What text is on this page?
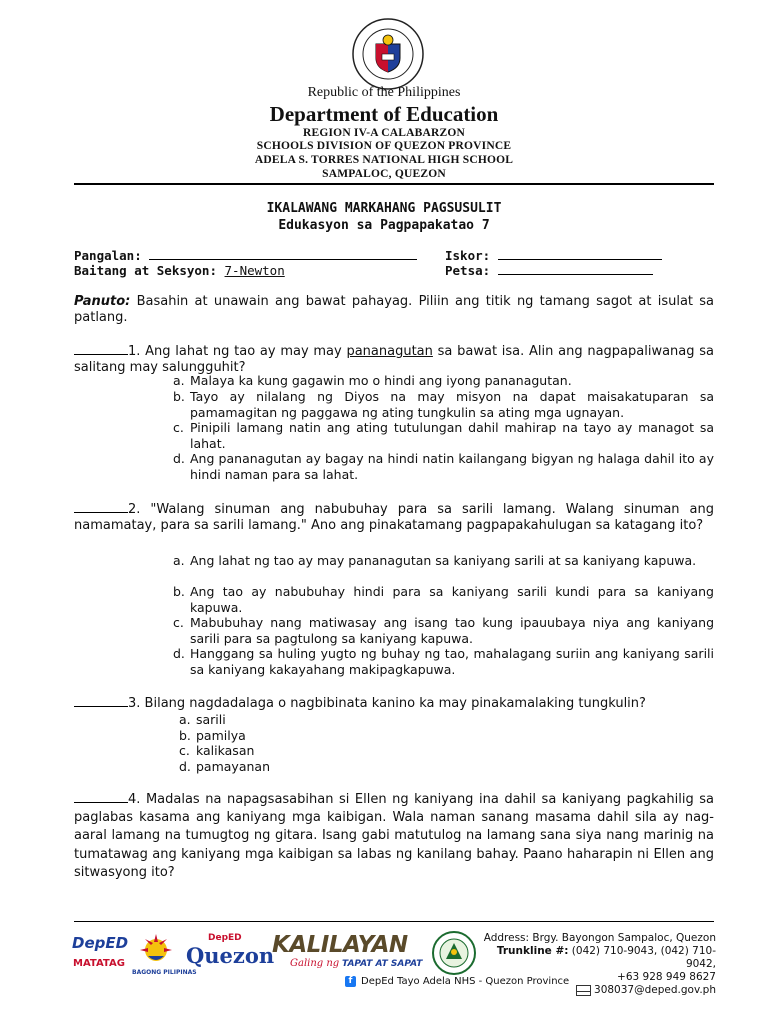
Republic of the Philippines
Department of Education
REGION IV-A CALABARZON
SCHOOLS DIVISION OF QUEZON PROVINCE
ADELA S. TORRES NATIONAL HIGH SCHOOL
SAMPALOC, QUEZON
IKALAWANG MARKAHANG PAGSUSULIT
Edukasyon sa Pagpapakatao 7
Pangalan:
Baitang at Seksyon: 7-Newton
Iskor:
Petsa:
Panuto: Basahin at unawain ang bawat pahayag. Piliin ang titik ng tamang sagot at isulat sa patlang.
1. Ang lahat ng tao ay may may pananagutan sa bawat isa. Alin ang nagpapaliwanag sa salitang may salungguhit?
a. Malaya ka kung gagawin mo o hindi ang iyong pananagutan.
b. Tayo ay nilalang ng Diyos na may misyon na dapat maisakatuparan sa pamamagitan ng paggawa ng ating tungkulin sa ating mga ugnayan.
c. Pinipili lamang natin ang ating tutulungan dahil mahirap na tayo ay managot sa lahat.
d. Ang pananagutan ay bagay na hindi natin kailangang bigyan ng halaga dahil ito ay hindi naman para sa lahat.
2. "Walang sinuman ang nabubuhay para sa sarili lamang. Walang sinuman ang namamatay, para sa sarili lamang." Ano ang pinakatamang pagpapakahulugan sa katagang ito?
a. Ang lahat ng tao ay may pananagutan sa kaniyang sarili at sa kaniyang kapuwa.
b. Ang tao ay nabubuhay hindi para sa kaniyang sarili kundi para sa kaniyang kapuwa.
c. Mabubuhay nang matiwasay ang isang tao kung ipauubaya niya ang kaniyang sarili para sa pagtulong sa kaniyang kapuwa.
d. Hanggang sa huling yugto ng buhay ng tao, mahalagang suriin ang kaniyang sarili sa kaniyang kakayahang makipagkapuwa.
3. Bilang nagdadalaga o nagbibinata kanino ka may pinakamalaking tungkulin?
a. sarili
b. pamilya
c. kalikasan
d. pamayanan
4. Madalas na napagsasabihan si Ellen ng kaniyang ina dahil sa kaniyang pagkahilig sa paglabas kasama ang kaniyang mga kaibigan. Wala naman sanang masama dahil sila ay nag-aaral lamang na tumugtog ng gitara. Isang gabi matutulog na lamang sana siya nang marinig na tumatawag ang kaniyang mga kaibigan sa labas ng kanilang bahay. Paano haharapin ni Ellen ang sitwasyong ito?
DepED
MATATAG
BAGONG PILIPINAS
DepED
Quezon
KALILAYAN
Galing ng TAPAT AT SAPAT
Address: Brgy. Bayongon Sampaloc, Quezon
Trunkline #: (042) 710-9043, (042) 710-9042,
+63 928 949 8627
308037@deped.gov.ph
f DepEd Tayo Adela NHS - Quezon Province
